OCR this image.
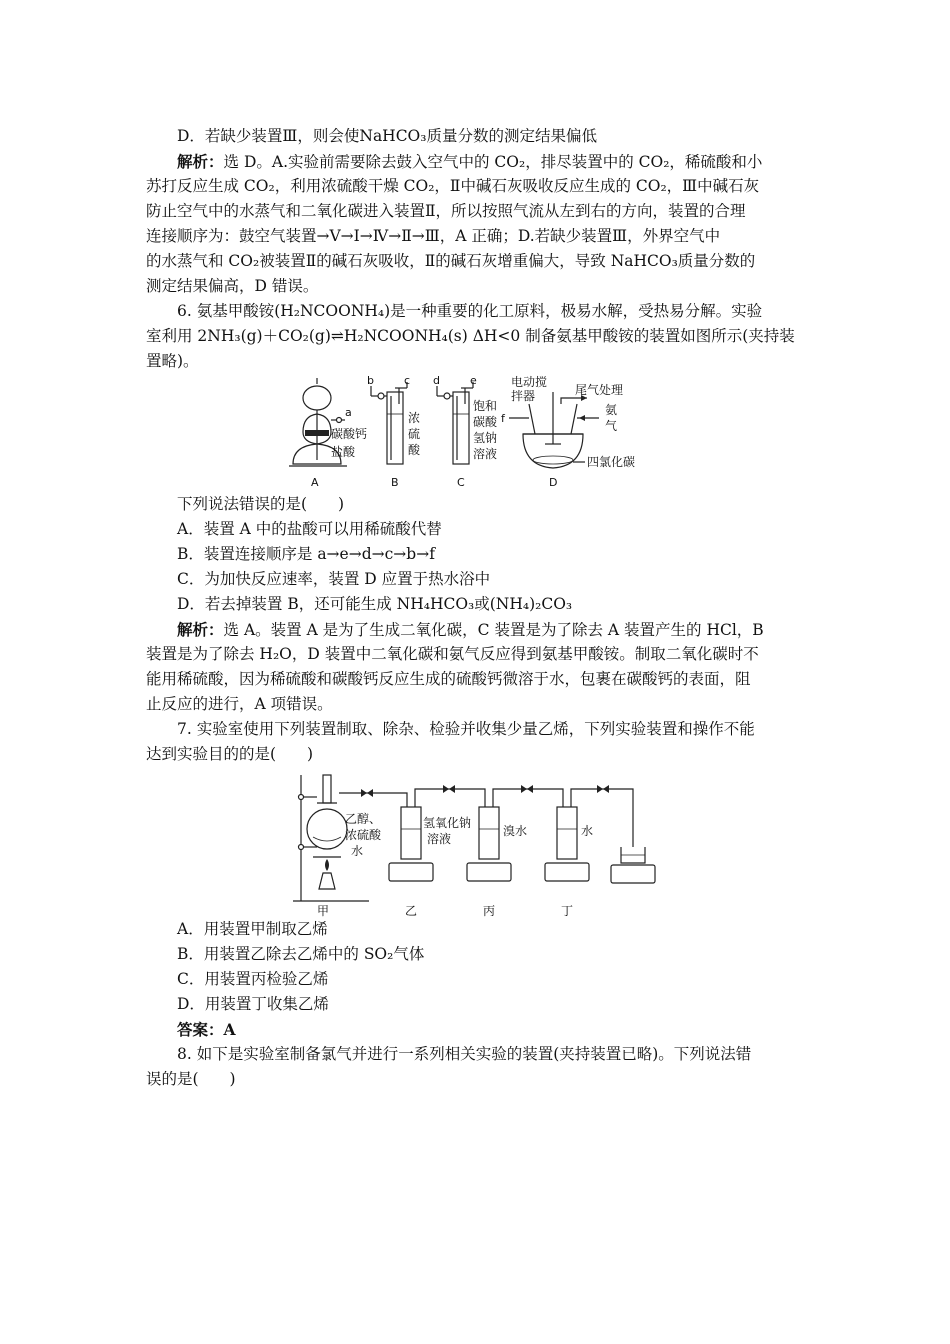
D．若缺少装置Ⅲ，则会使NaHCO₃质量分数的测定结果偏低
解析：选 D。A.实验前需要除去鼓入空气中的 CO₂，排尽装置中的 CO₂，稀硫酸和小
苏打反应生成 CO₂，利用浓硫酸干燥 CO₂，Ⅱ中碱石灰吸收反应生成的 CO₂，Ⅲ中碱石灰
防止空气中的水蒸气和二氧化碳进入装置Ⅱ，所以按照气流从左到右的方向，装置的合理
连接顺序为：鼓空气装置→Ⅴ→Ⅰ→Ⅳ→Ⅱ→Ⅲ，A 正确；D.若缺少装置Ⅲ，外界空气中
的水蒸气和 CO₂被装置Ⅱ的碱石灰吸收，Ⅱ的碱石灰增重偏大，导致 NaHCO₃质量分数的
测定结果偏高，D 错误。
6. 氨基甲酸铵(H₂NCOONH₄)是一种重要的化工原料，极易水解，受热易分解。实验
室利用 2NH₃(g)＋CO₂(g)⇌H₂NCOONH₄(s) ΔH<0 制备氨基甲酸铵的装置如图所示(夹持装
置略)。
a
碳酸钙
盐酸
A
b	c
浓
硫
酸
B
d	e
饱和
碳酸
氢钠
溶液
C
电动搅
拌器	尾气处理
f
氨
气
四氯化碳
D
下列说法错误的是(　　)
A．装置 A 中的盐酸可以用稀硫酸代替
B．装置连接顺序是 a→e→d→c→b→f
C．为加快反应速率，装置 D 应置于热水浴中
D．若去掉装置 B，还可能生成 NH₄HCO₃或(NH₄)₂CO₃
解析：选 A。装置 A 是为了生成二氧化碳，C 装置是为了除去 A 装置产生的 HCl，B
装置是为了除去 H₂O，D 装置中二氧化碳和氨气反应得到氨基甲酸铵。制取二氧化碳时不
能用稀硫酸，因为稀硫酸和碳酸钙反应生成的硫酸钙微溶于水，包裹在碳酸钙的表面，阻
止反应的进行，A 项错误。
7. 实验室使用下列装置制取、除杂、检验并收集少量乙烯，下列实验装置和操作不能
达到实验目的的是(　　)
乙醇、
浓硫酸
水
甲
氢氧化钠
溶液
乙
溴水
丙
水
丁
A．用装置甲制取乙烯
B．用装置乙除去乙烯中的 SO₂气体
C．用装置丙检验乙烯
D．用装置丁收集乙烯
答案：A
8. 如下是实验室制备氯气并进行一系列相关实验的装置(夹持装置已略)。下列说法错
误的是(　　)
